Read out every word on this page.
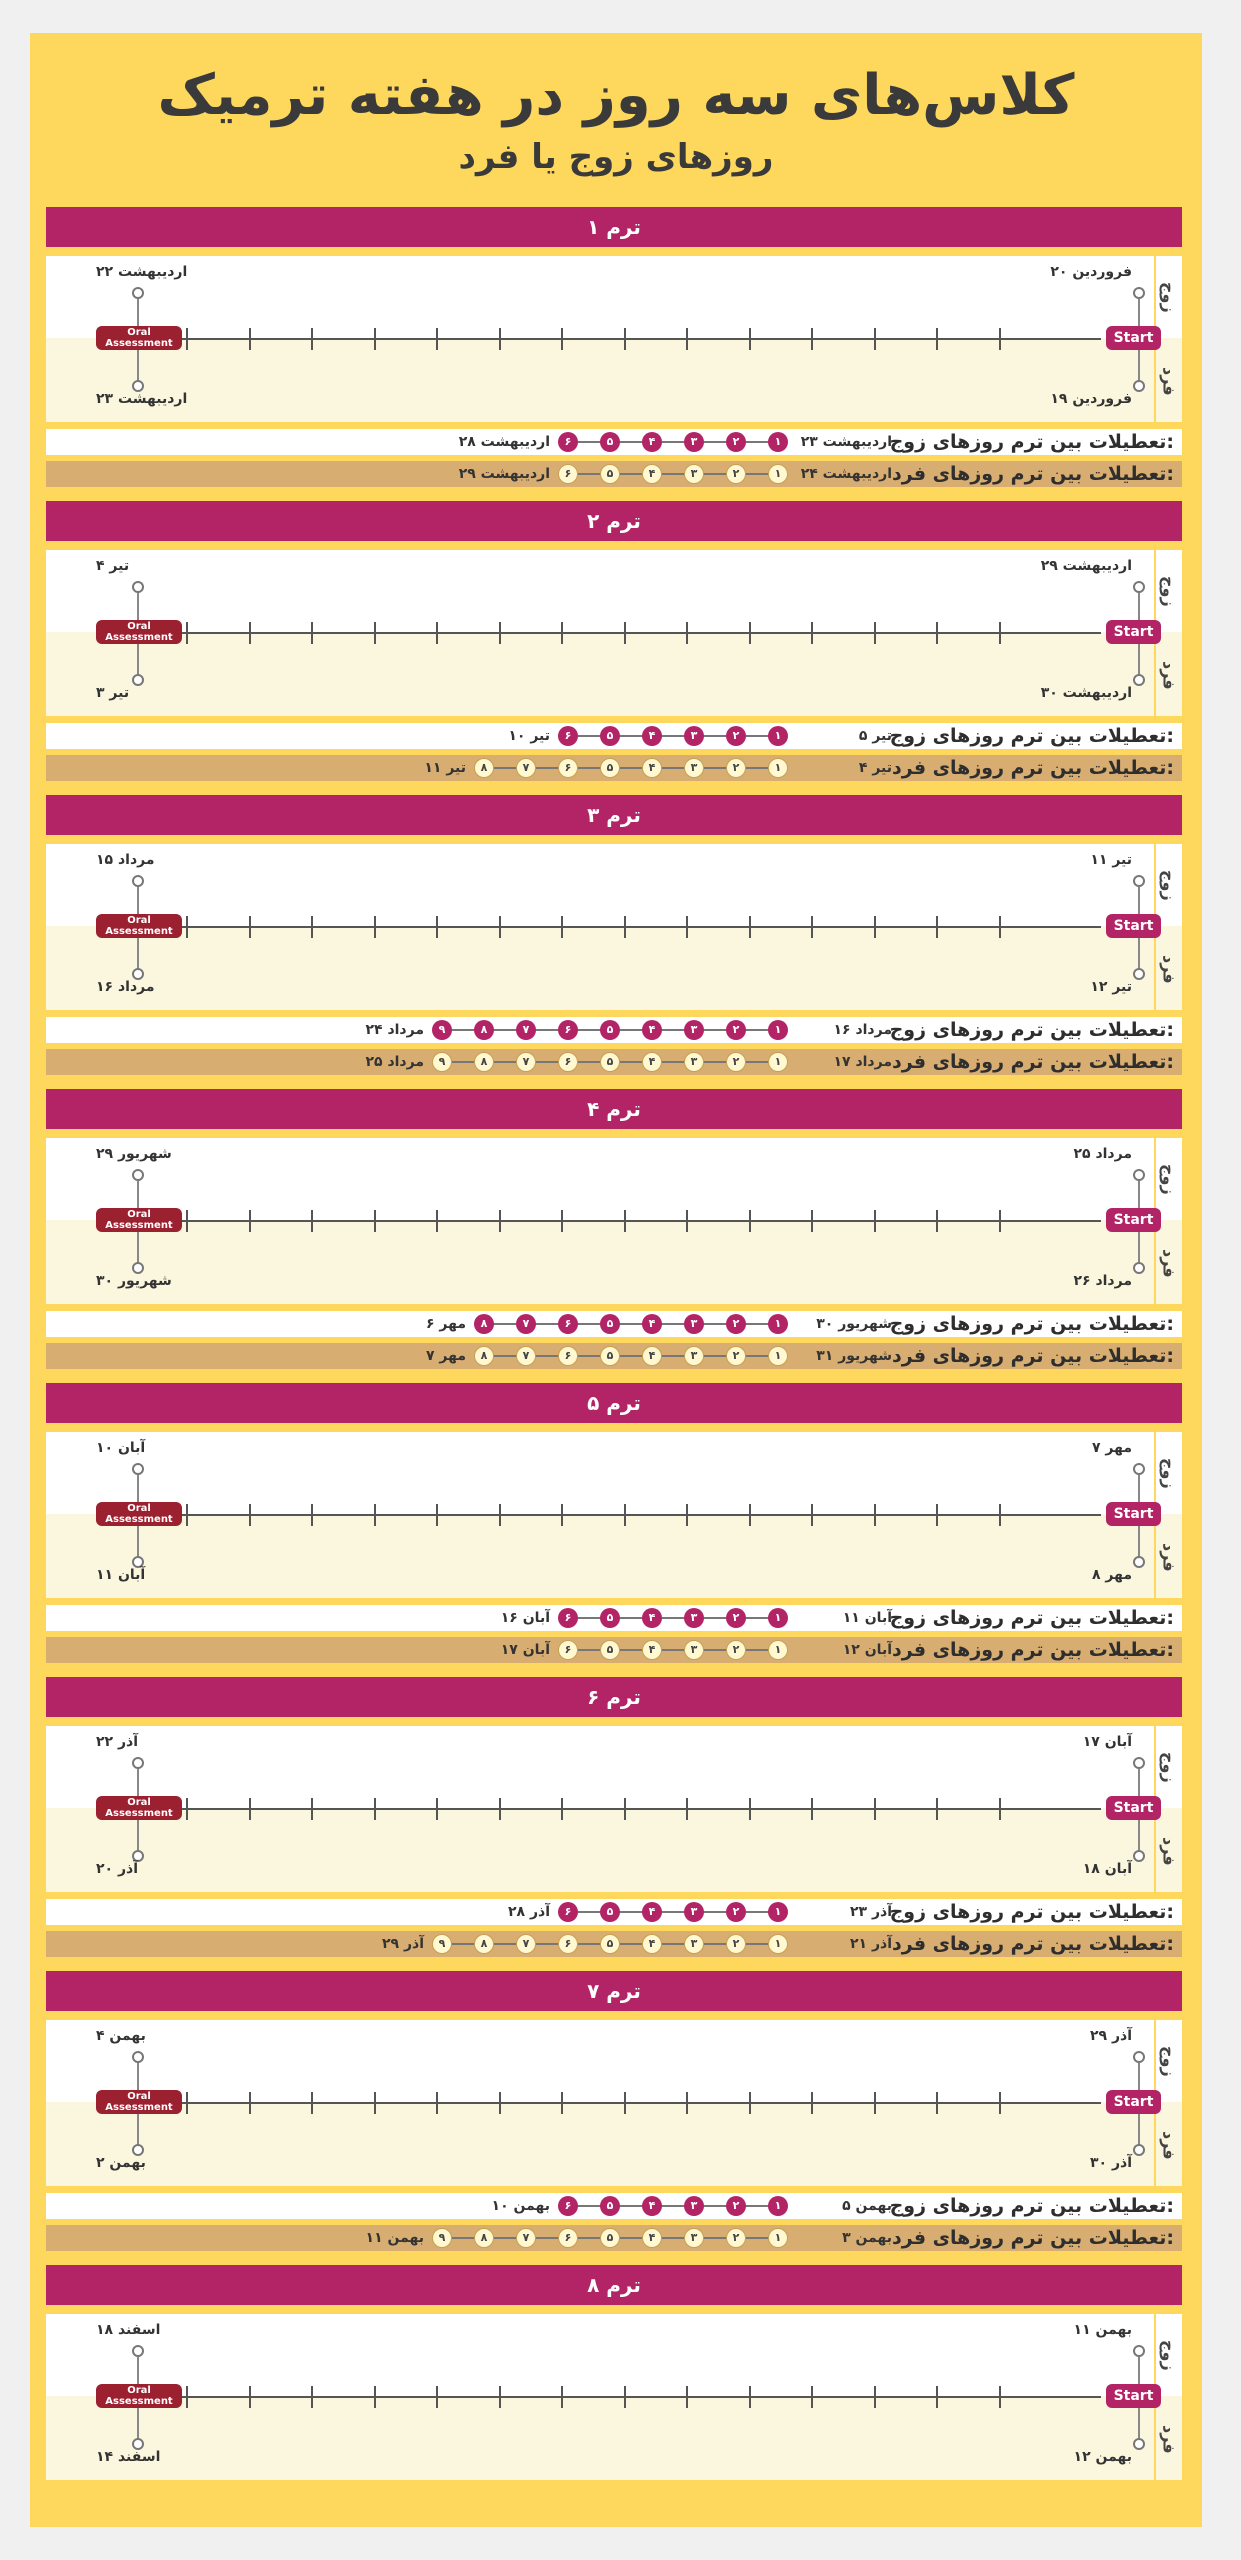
کلاس‌های سه روز در هفته ترمیک
روزهای زوج یا فرد
ترم ۱
زوج
فرد
Start
Oral Assessment
۲۰ فروردین
۱۹ فروردین
۲۲ اردیبهشت
۲۳ اردیبهشت
تعطیلات بین ترم روزهای زوج:
۲۳ اردیبهشت
۱
۲
۳
۴
۵
۶
۲۸ اردیبهشت
تعطیلات بین ترم روزهای فرد:
۲۴ اردیبهشت
۱
۲
۳
۴
۵
۶
۲۹ اردیبهشت
ترم ۲
زوج
فرد
Start
Oral Assessment
۲۹ اردیبهشت
۳۰ اردیبهشت
۴ تیر
۳ تیر
تعطیلات بین ترم روزهای زوج:
۵ تیر
۱
۲
۳
۴
۵
۶
۱۰ تیر
تعطیلات بین ترم روزهای فرد:
۴ تیر
۱
۲
۳
۴
۵
۶
۷
۸
۱۱ تیر
ترم ۳
زوج
فرد
Start
Oral Assessment
۱۱ تیر
۱۲ تیر
۱۵ مرداد
۱۶ مرداد
تعطیلات بین ترم روزهای زوج:
۱۶ مرداد
۱
۲
۳
۴
۵
۶
۷
۸
۹
۲۴ مرداد
تعطیلات بین ترم روزهای فرد:
۱۷ مرداد
۱
۲
۳
۴
۵
۶
۷
۸
۹
۲۵ مرداد
ترم ۴
زوج
فرد
Start
Oral Assessment
۲۵ مرداد
۲۶ مرداد
۲۹ شهریور
۳۰ شهریور
تعطیلات بین ترم روزهای زوج:
۳۰ شهریور
۱
۲
۳
۴
۵
۶
۷
۸
۶ مهر
تعطیلات بین ترم روزهای فرد:
۳۱ شهریور
۱
۲
۳
۴
۵
۶
۷
۸
۷ مهر
ترم ۵
زوج
فرد
Start
Oral Assessment
۷ مهر
۸ مهر
۱۰ آبان
۱۱ آبان
تعطیلات بین ترم روزهای زوج:
۱۱ آبان
۱
۲
۳
۴
۵
۶
۱۶ آبان
تعطیلات بین ترم روزهای فرد:
۱۲ آبان
۱
۲
۳
۴
۵
۶
۱۷ آبان
ترم ۶
زوج
فرد
Start
Oral Assessment
۱۷ آبان
۱۸ آبان
۲۲ آذر
۲۰ آذر
تعطیلات بین ترم روزهای زوج:
۲۳ آذر
۱
۲
۳
۴
۵
۶
۲۸ آذر
تعطیلات بین ترم روزهای فرد:
۲۱ آذر
۱
۲
۳
۴
۵
۶
۷
۸
۹
۲۹ آذر
ترم ۷
زوج
فرد
Start
Oral Assessment
۲۹ آذر
۳۰ آذر
۴ بهمن
۲ بهمن
تعطیلات بین ترم روزهای زوج:
۵ بهمن
۱
۲
۳
۴
۵
۶
۱۰ بهمن
تعطیلات بین ترم روزهای فرد:
۳ بهمن
۱
۲
۳
۴
۵
۶
۷
۸
۹
۱۱ بهمن
ترم ۸
زوج
فرد
Start
Oral Assessment
۱۱ بهمن
۱۲ بهمن
۱۸ اسفند
۱۴ اسفند
